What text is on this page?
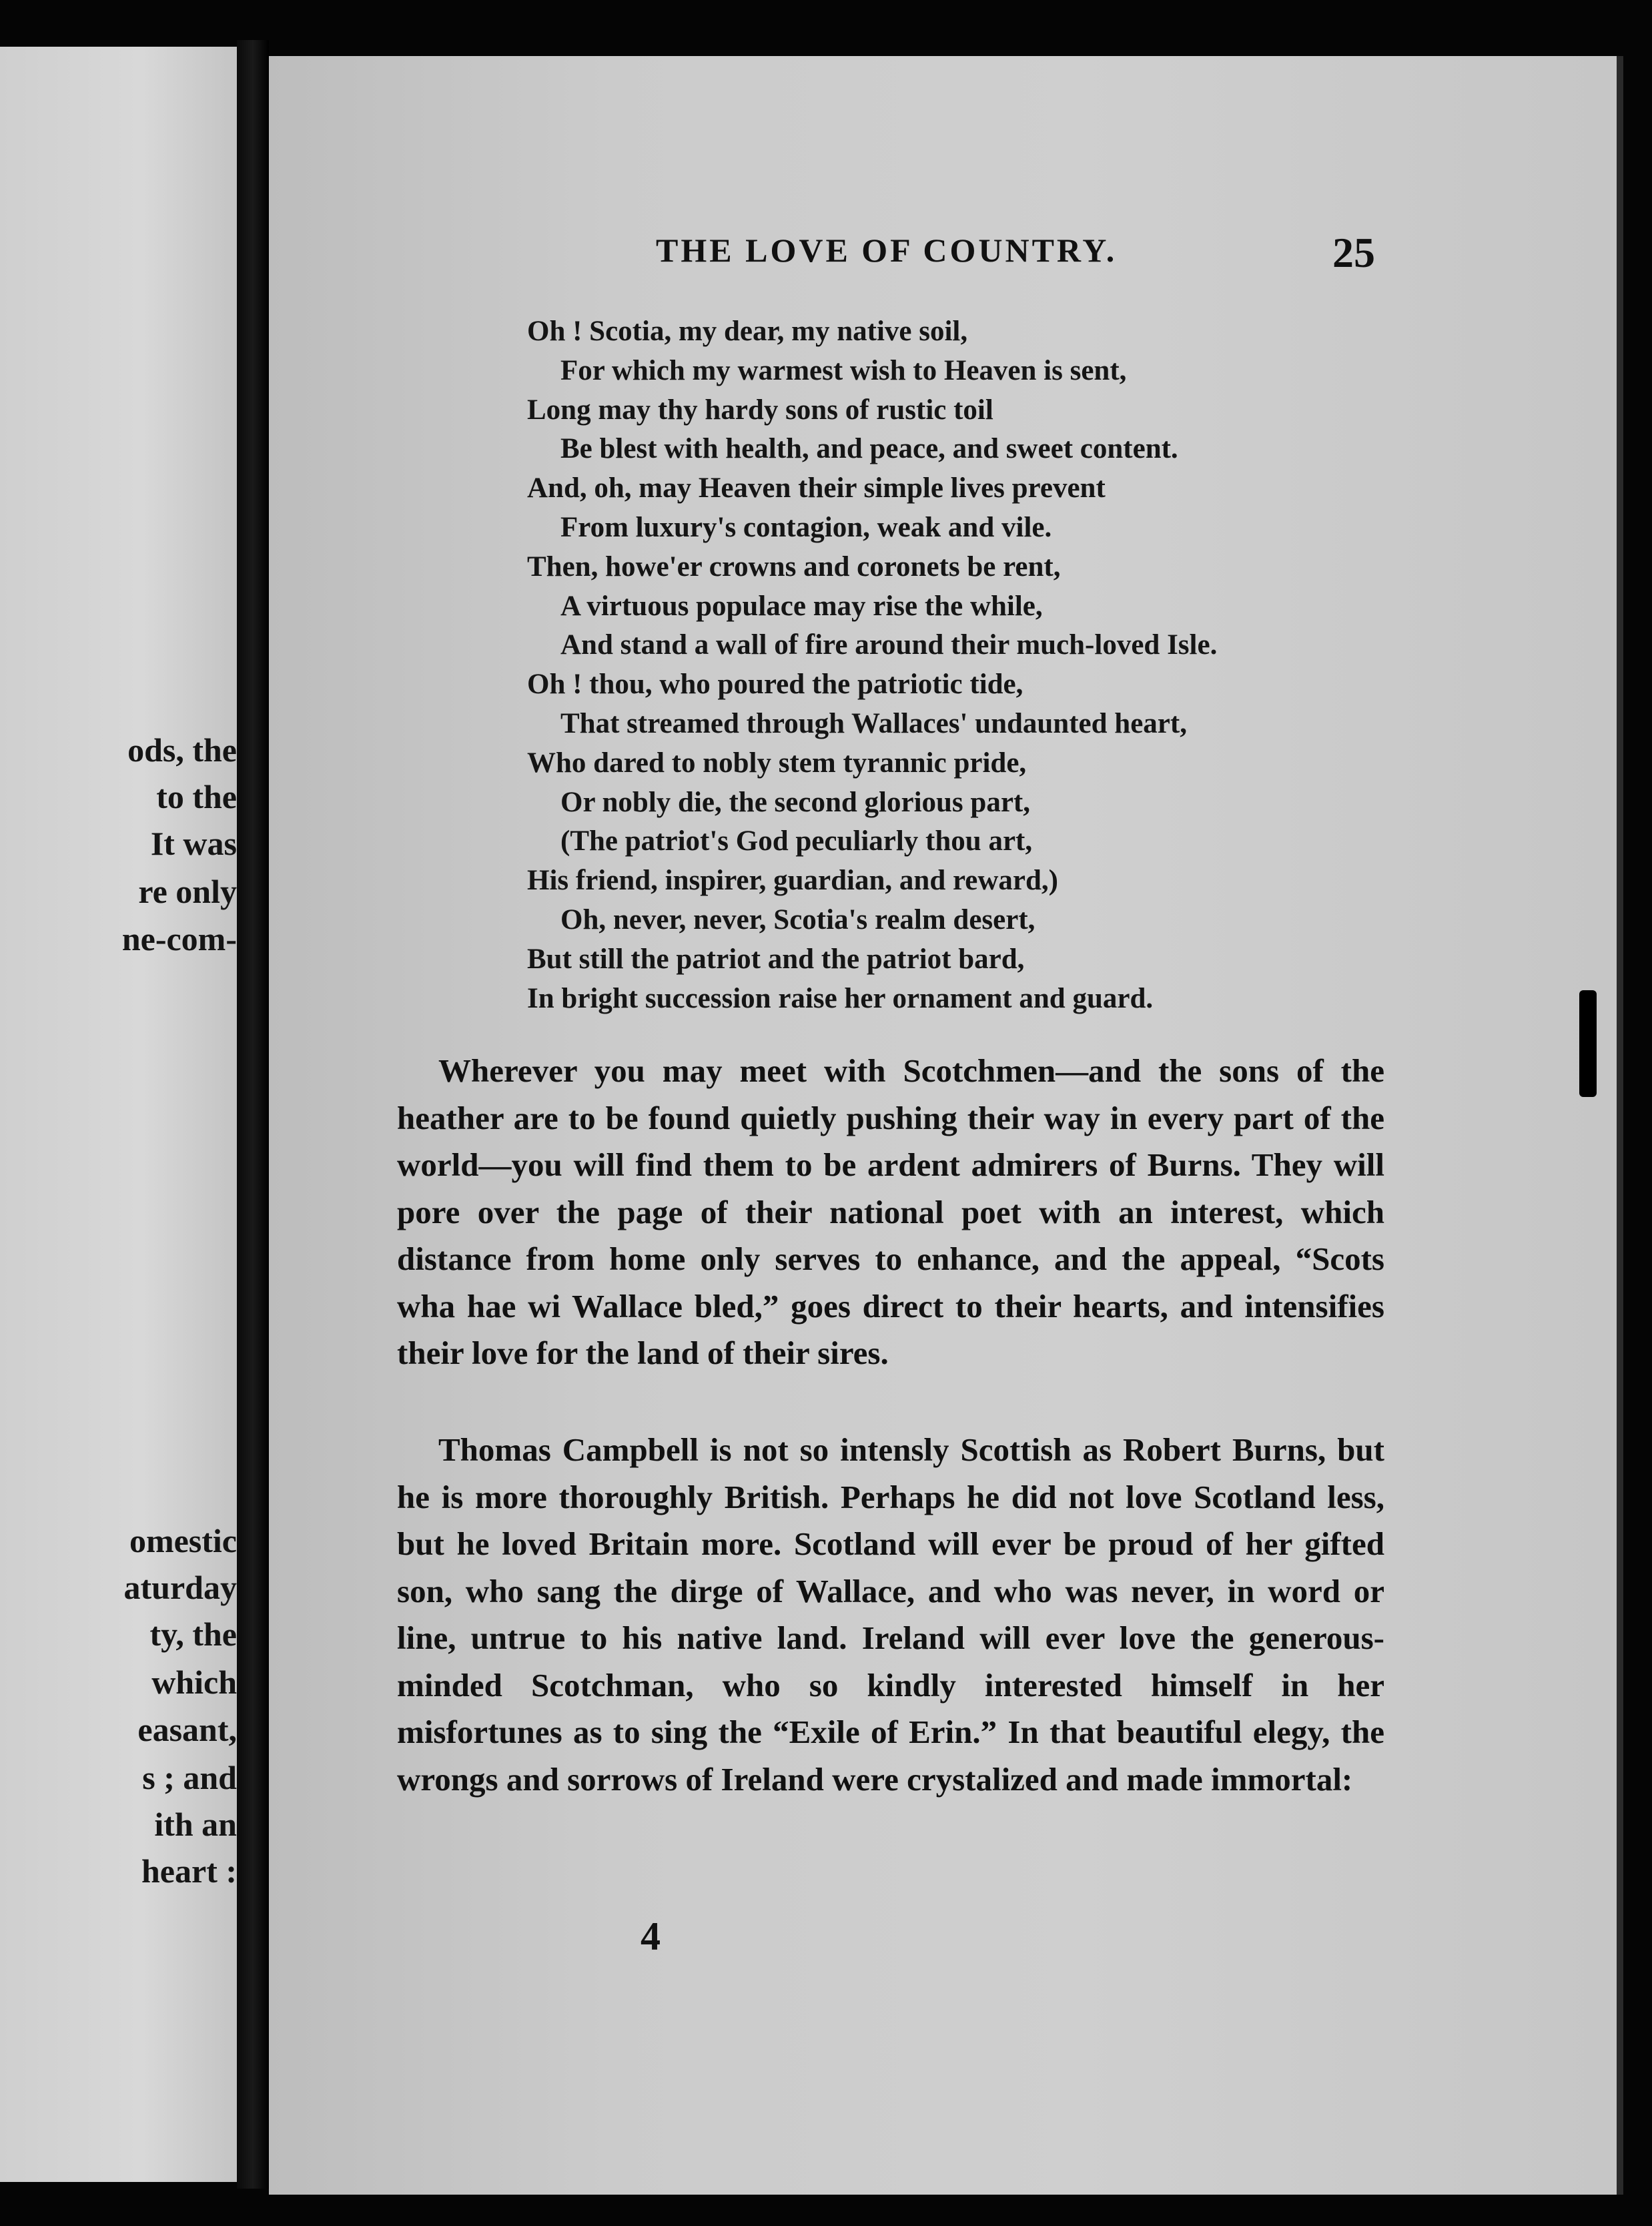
ods, the
to the
It was
re only
ne-com-
omestic
aturday
ty, the
which
easant,
s ; and
ith an
heart :
THE LOVE OF COUNTRY.	25
Oh ! Scotia, my dear, my native soil,
For which my warmest wish to Heaven is sent,
Long may thy hardy sons of rustic toil
Be blest with health, and peace, and sweet content.
And, oh, may Heaven their simple lives prevent
From luxury's contagion, weak and vile.
Then, howe'er crowns and coronets be rent,
A virtuous populace may rise the while,
And stand a wall of fire around their much-loved Isle.
Oh ! thou, who poured the patriotic tide,
That streamed through Wallaces' undaunted heart,
Who dared to nobly stem tyrannic pride,
Or nobly die, the second glorious part,
(The patriot's God peculiarly thou art,
His friend, inspirer, guardian, and reward,)
Oh, never, never, Scotia's realm desert,
But still the patriot and the patriot bard,
In bright succession raise her ornament and guard.

Wherever you may meet with Scotchmen—and the sons of the heather are to be found quietly pushing their way in every part of the world—you will find them to be ardent admirers of Burns. They will pore over the page of their national poet with an interest, which distance from home only serves to enhance, and the appeal, “Scots wha hae wi Wallace bled,” goes direct to their hearts, and intensifies their love for the land of their sires.

Thomas Campbell is not so intensly Scottish as Robert Burns, but he is more thoroughly British. Perhaps he did not love Scotland less, but he loved Britain more. Scotland will ever be proud of her gifted son, who sang the dirge of Wallace, and who was never, in word or line, untrue to his native land. Ireland will ever love the generous-minded Scotchman, who so kindly interested himself in her misfortunes as to sing the “Exile of Erin.” In that beautiful elegy, the wrongs and sorrows of Ireland were crystalized and made immortal:

4
